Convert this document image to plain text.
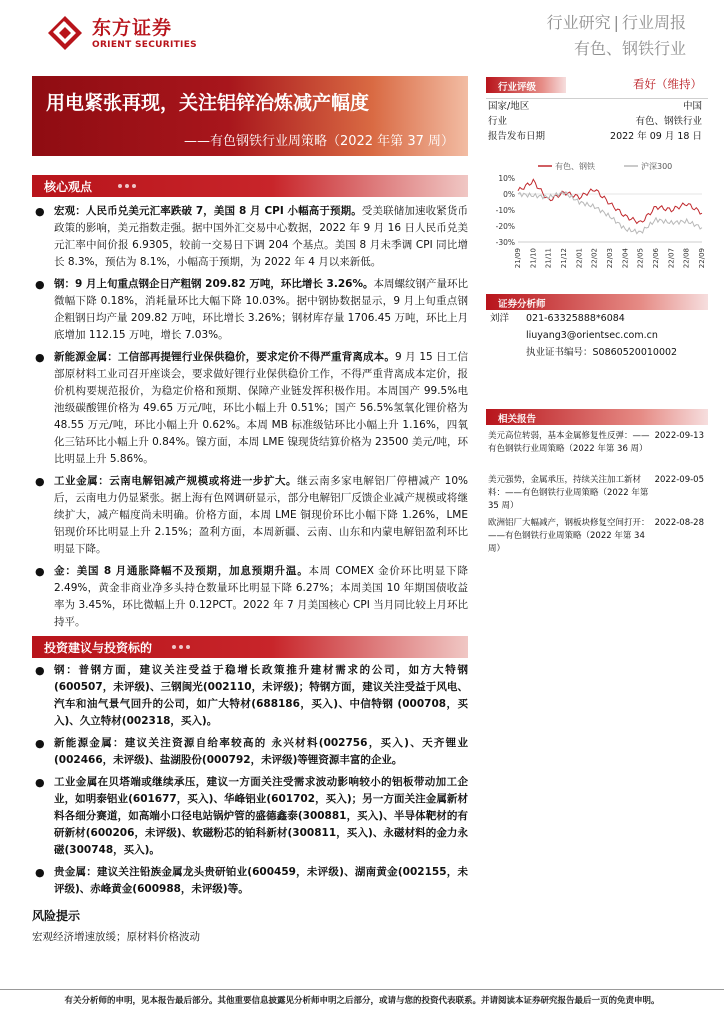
东方证券
ORIENT SECURITIES
行业研究 | 行业周报
有色、钢铁行业
用电紧张再现，关注铝锌冶炼减产幅度
——有色钢铁行业周策略（2022 年第 37 周）
核心观点
● 宏观：人民币兑美元汇率跌破 7，美国 8 月 CPI 小幅高于预期。受美联储加速收紧货币政策的影响，美元指数走强。据中国外汇交易中心数据，2022 年 9 月 16 日人民币兑美元汇率中间价报 6.9305，较前一交易日下调 204 个基点。美国 8 月未季调 CPI 同比增长 8.3%，预估为 8.1%，小幅高于预期，为 2022 年 4 月以来新低。
● 钢：9 月上旬重点钢企日产粗钢 209.82 万吨，环比增长 3.26%。本周螺纹钢产量环比微幅下降 0.18%，消耗量环比大幅下降 10.03%。据中钢协数据显示，9 月上旬重点钢企粗钢日均产量 209.82 万吨，环比增长 3.26%；钢材库存量 1706.45 万吨，环比上月底增加 112.15 万吨，增长 7.03%。
● 新能源金属：工信部再提锂行业保供稳价，要求定价不得严重背离成本。9 月 15 日工信部原材料工业司召开座谈会，要求做好锂行业保供稳价工作，不得严重背离成本定价，报价机构要规范报价，为稳定价格和预期、保障产业链发挥积极作用。本周国产 99.5%电池级碳酸锂价格为 49.65 万元/吨，环比小幅上升 0.51%；国产 56.5%氢氧化锂价格为 48.55 万元/吨，环比小幅上升 0.62%。本周 MB 标准级钴环比小幅上升 1.16%，四氧化三钴环比小幅上升 0.84%。镍方面，本周 LME 镍现货结算价格为 23500 美元/吨，环比明显上升 5.86%。
● 工业金属：云南电解铝减产规模或将进一步扩大。继云南多家电解铝厂停槽减产 10%后，云南电力仍显紧张。据上海有色网调研显示，部分电解铝厂反馈企业减产规模或将继续扩大，减产幅度尚未明确。价格方面，本周 LME 铜现价环比小幅下降 1.26%，LME 铝现价环比明显上升 2.15%；盈利方面，本周新疆、云南、山东和内蒙电解铝盈利环比明显下降。
● 金：美国 8 月通胀降幅不及预期，加息预期升温。本周 COMEX 金价环比明显下降 2.49%，黄金非商业净多头持仓数量环比明显下降 6.27%；本周美国 10 年期国债收益率为 3.45%，环比微幅上升 0.12PCT。2022 年 7 月美国核心 CPI 当月同比较上月环比持平。
投资建议与投资标的
● 钢：普钢方面，建议关注受益于稳增长政策推升建材需求的公司，如方大特钢 (600507，未评级)、三钢闽光(002110，未评级)；特钢方面，建议关注受益于风电、汽车和油气景气回升的公司，如广大特材(688186，买入)、中信特钢 (000708，买入)、久立特材(002318，买入)。
● 新能源金属：建议关注资源自给率较高的 永兴材料(002756，买入)、天齐锂业 (002466，未评级)、盐湖股份(000792，未评级)等锂资源丰富的企业。
● 工业金属在贝塔端或继续承压，建议一方面关注受需求波动影响较小的铝板带动加工企业，如明泰铝业(601677，买入)、华峰铝业(601702，买入)；另一方面关注金属新材料各细分赛道，如高端小口径电站锅炉管的盛德鑫泰(300881，买入)、半导体靶材的有研新材(600206，未评级)、软磁粉芯的铂科新材(300811，买入)、永磁材料的金力永磁(300748，买入)。
● 贵金属：建议关注铅族金属龙头贵研铂业(600459，未评级)、湖南黄金(002155，未评级)、赤峰黄金(600988，未评级)等。
风险提示
宏观经济增速放缓；原材料价格波动
行业评级	看好（维持）
国家/地区	中国
行业	有色、钢铁行业
报告发布日期	2022 年 09 月 18 日
有色、钢铁	沪深300
10%
0%
-10%
-20%
-30%
21/09 21/10 21/11 21/12 22/01 22/02 22/03 22/04 22/05 22/06 22/07 22/08 22/09
证券分析师
刘洋 021-63325888*6084
liuyang3@orientsec.com.cn
执业证书编号：S0860520010002
相关报告
美元高位转弱，基本金属修复性反弹：——有色钢铁行业周策略（2022 年第 36 周）
2022-09-13
美元强势，金属承压，持续关注加工新材料：——有色钢铁行业周策略（2022 年第 35 周）
2022-09-05
欧洲铝厂大幅减产，钢板块修复空间打开：——有色钢铁行业周策略（2022 年第 34 周）
2022-08-28
有关分析师的申明，见本报告最后部分。其他重要信息披露见分析师申明之后部分，或请与您的投资代表联系。并请阅读本证券研究报告最后一页的免责申明。
